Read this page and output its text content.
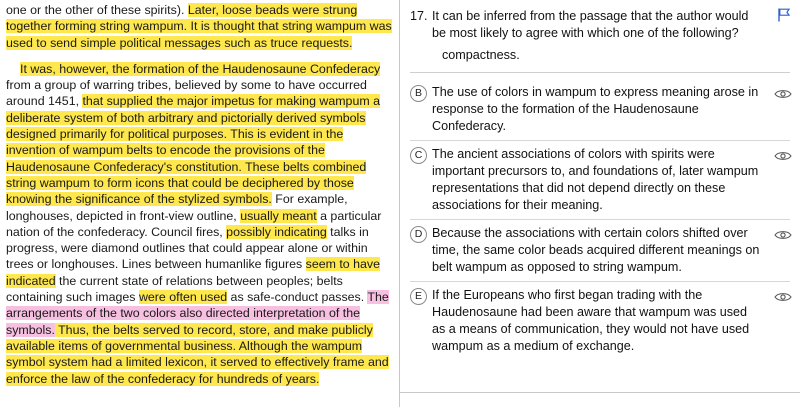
one or the other of these spirits). Later, loose beads were strung together forming string wampum. It is thought that string wampum was used to send simple political messages such as truce requests.

It was, however, the formation of the Haudenosaune Confederacy from a group of warring tribes, believed by some to have occurred around 1451, that supplied the major impetus for making wampum a deliberate system of both arbitrary and pictorially derived symbols designed primarily for political purposes. This is evident in the invention of wampum belts to encode the provisions of the Haudenosaune Confederacy's constitution. These belts combined string wampum to form icons that could be deciphered by those knowing the significance of the stylized symbols. For example, longhouses, depicted in front-view outline, usually meant a particular nation of the confederacy. Council fires, possibly indicating talks in progress, were diamond outlines that could appear alone or within trees or longhouses. Lines between humanlike figures seem to have indicated the current state of relations between peoples; belts containing such images were often used as safe-conduct passes. The arrangements of the two colors also directed interpretation of the symbols. Thus, the belts served to record, store, and make publicly available items of governmental business. Although the wampum symbol system had a limited lexicon, it served to effectively frame and enforce the law of the confederacy for hundreds of years.

17. It can be inferred from the passage that the author would be most likely to agree with which one of the following?
compactness.
B The use of colors in wampum to express meaning arose in response to the formation of the Haudenosaune Confederacy.
C The ancient associations of colors with spirits were important precursors to, and foundations of, later wampum representations that did not depend directly on these associations for their meaning.
D Because the associations with certain colors shifted over time, the same color beads acquired different meanings on belt wampum as opposed to string wampum.
E If the Europeans who first began trading with the Haudenosaune had been aware that wampum was used as a means of communication, they would not have used wampum as a medium of exchange.
